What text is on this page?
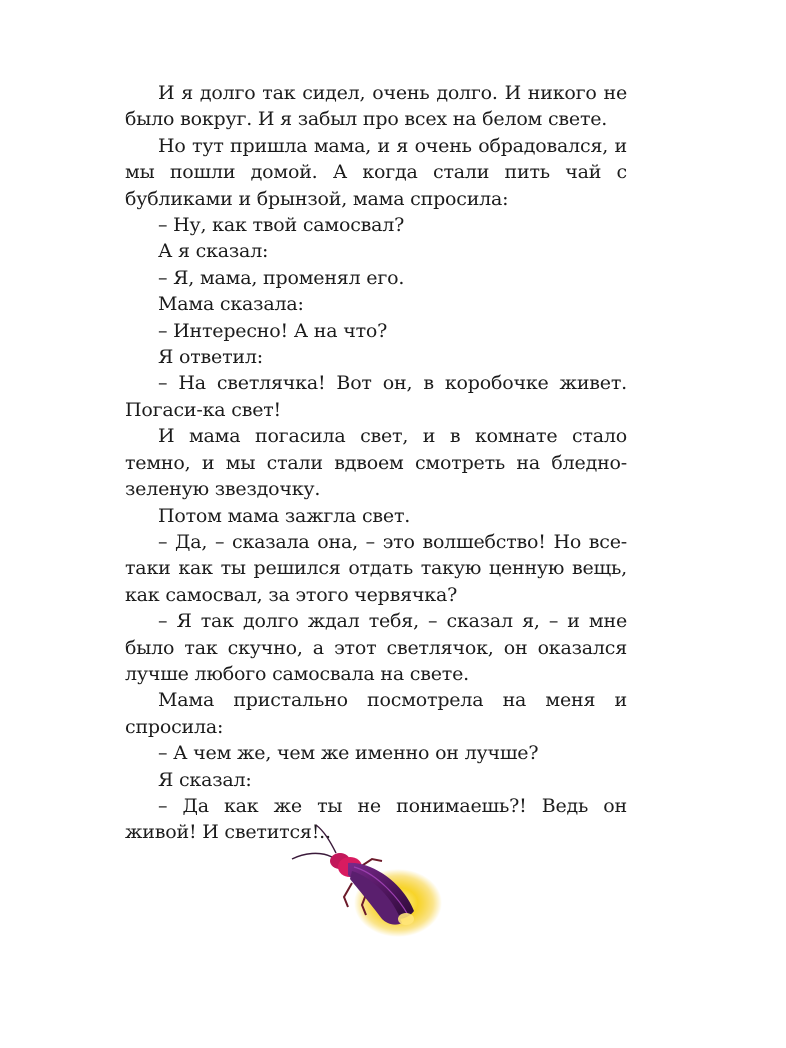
И я долго так сидел, очень долго. И никого не было вокруг. И я забыл про всех на белом свете.

Но тут пришла мама, и я очень обрадовался, и мы пошли домой. А когда стали пить чай с бубликами и брынзой, мама спросила:

– Ну, как твой самосвал?

А я сказал:

– Я, мама, променял его.

Мама сказала:

– Интересно! А на что?

Я ответил:

– На светлячка! Вот он, в коробочке живет. Погаси-ка свет!

И мама погасила свет, и в комнате стало темно, и мы стали вдвоем смотреть на бледно-зеленую звездочку.

Потом мама зажгла свет.

– Да, – сказала она, – это волшебство! Но все-таки как ты решился отдать такую ценную вещь, как самосвал, за этого червячка?

– Я так долго ждал тебя, – сказал я, – и мне было так скучно, а этот светлячок, он оказался лучше любого самосвала на свете.

Мама пристально посмотрела на меня и спросила:

– А чем же, чем же именно он лучше?

Я сказал:

– Да как же ты не понимаешь?! Ведь он живой! И светится!..
